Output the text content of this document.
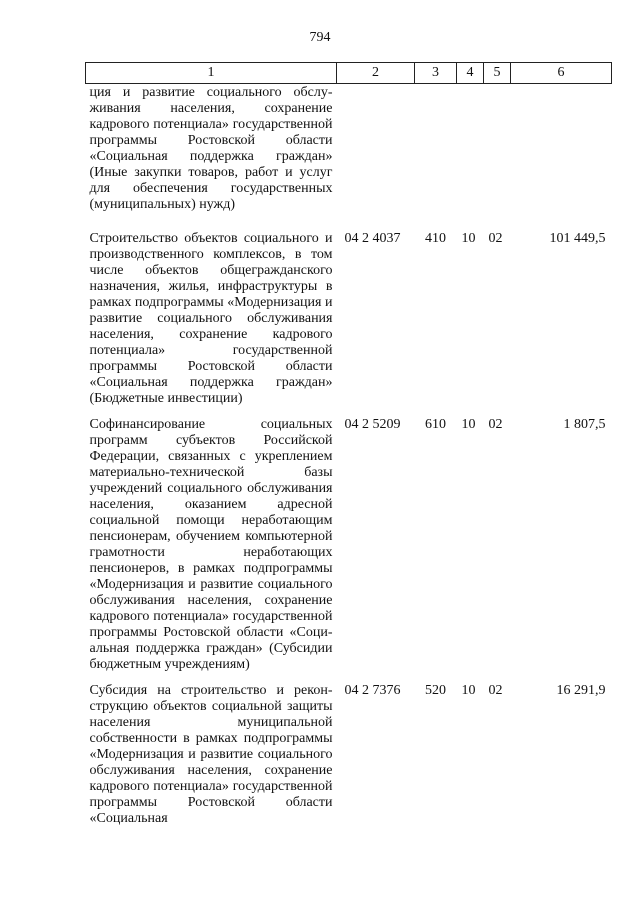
794
1	2	3	4	5	6
ция и развитие социального обслуживания населения, сохранение кадрового потенциала» государственной программы Ростовской области «Социальная поддержка граждан» (Иные закупки товаров, работ и услуг для обеспечения государственных (муниципальных) нужд)					
Строительство объектов социального и производственного комплексов, в том числе объектов общегражданского назначения, жилья, инфраструктуры в рамках подпрограммы «Модернизация и развитие социального обслуживания населения, сохранение кадрового потенциала» государственной программы Ростовской области «Социальная поддержка граждан» (Бюджетные инвестиции)	04 2 4037	410	10	02	101 449,5
Софинансирование социальных программ субъектов Российской Федерации, связанных с укреплением материально-технической базы учреждений социального обслуживания населения, оказанием адресной социальной помощи неработающим пенсионерам, обучением компьютерной грамотности неработающих пенсионеров, в рамках подпрограммы «Модернизация и развитие социального обслуживания населения, сохранение кадрового потенциала» государственной программы Ростовской области «Социальная поддержка граждан» (Субсидии бюджетным учреждениям)	04 2 5209	610	10	02	1 807,5
Субсидия на строительство и реконструкцию объектов социальной защиты населения муниципальной собственности в рамках подпрограммы «Модернизация и развитие социального обслуживания населения, сохранение кадрового потенциала» государственной программы Ростовской области «Социальная	04 2 7376	520	10	02	16 291,9
